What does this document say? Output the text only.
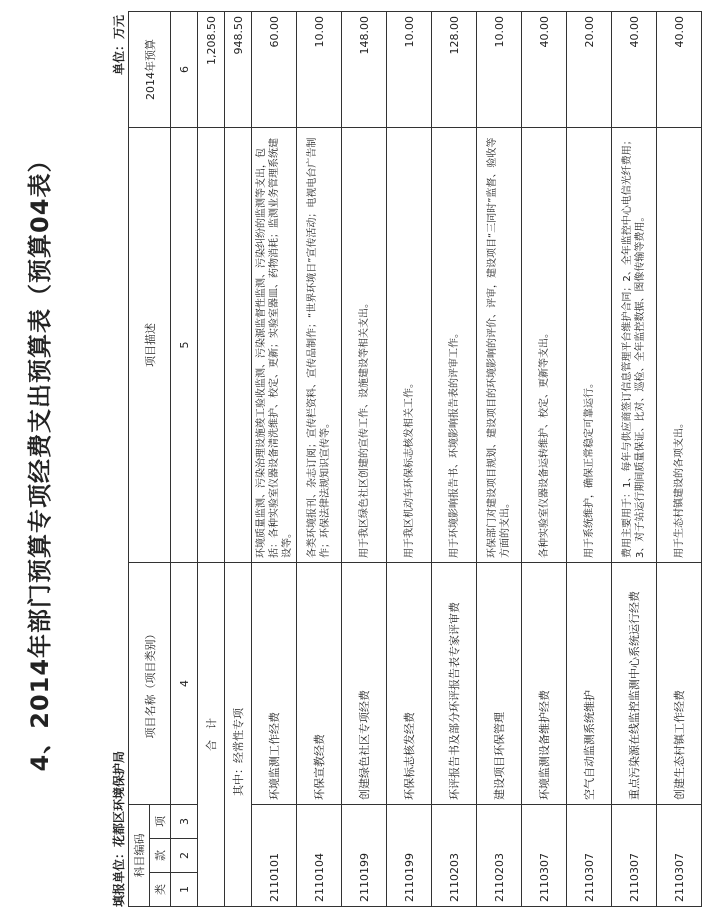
4、2014年部门预算专项经费支出预算表（预算04表）
填报单位：花都区环境保护局
单位：万元
科目编码			项目名称（项目类别）	项目描述	2014年预算
类	款	项			
1	2	3	4	5	6
合　计					1,208.50
其中：经常性专项					948.50
2110101			环境监测工作经费	环境质量监测、污染治理设施竣工验收监测、污染源监督性监测、污染纠纷的监测等支出，包括：各种实验室仪器设备清洗维护、校定、更新；实验室器皿、药物消耗；监测业务管理系统建设等。	60.00
2110104			环保宣教经费	各类环境报刊、杂志订阅；宣传栏资料、宣传品制作；“世界环境日”宣传活动；电视电台广告制作；环保法律法规知识宣传等。	10.00
2110199			创建绿色社区专项经费	用于我区绿色社区创建的宣传工作、设施建设等相关支出。	148.00
2110199			环保标志核发经费	用于我区机动车环保标志核发相关工作。	10.00
2110203			环评报告书及部分环评报告表专家评审费	用于环境影响报告书、环境影响报告表的评审工作。	128.00
2110203			建设项目环保管理	环保部门对建设项目规划、建设项目的环境影响的评价、评审，建设项目“三同时”监督、验收等方面的支出。	10.00
2110307			环境监测设备维护经费	各种实验室仪器设备运转维护、校定、更新等支出。	40.00
2110307			空气自动监测系统维护	用于系统维护，确保正常稳定可靠运行。	20.00
2110307			重点污染源在线监控监测中心系统运行经费	费用主要用于：1、每年与供应商签订信息管理平台维护合同；2、全年监控中心电信光纤费用；3、对子站运行期间质量保证、比对、巡检、全年监控数据、图像传输等费用。	40.00
2110307			创建生态村镇工作经费	用于生态村镇建设的各项支出。	40.00
